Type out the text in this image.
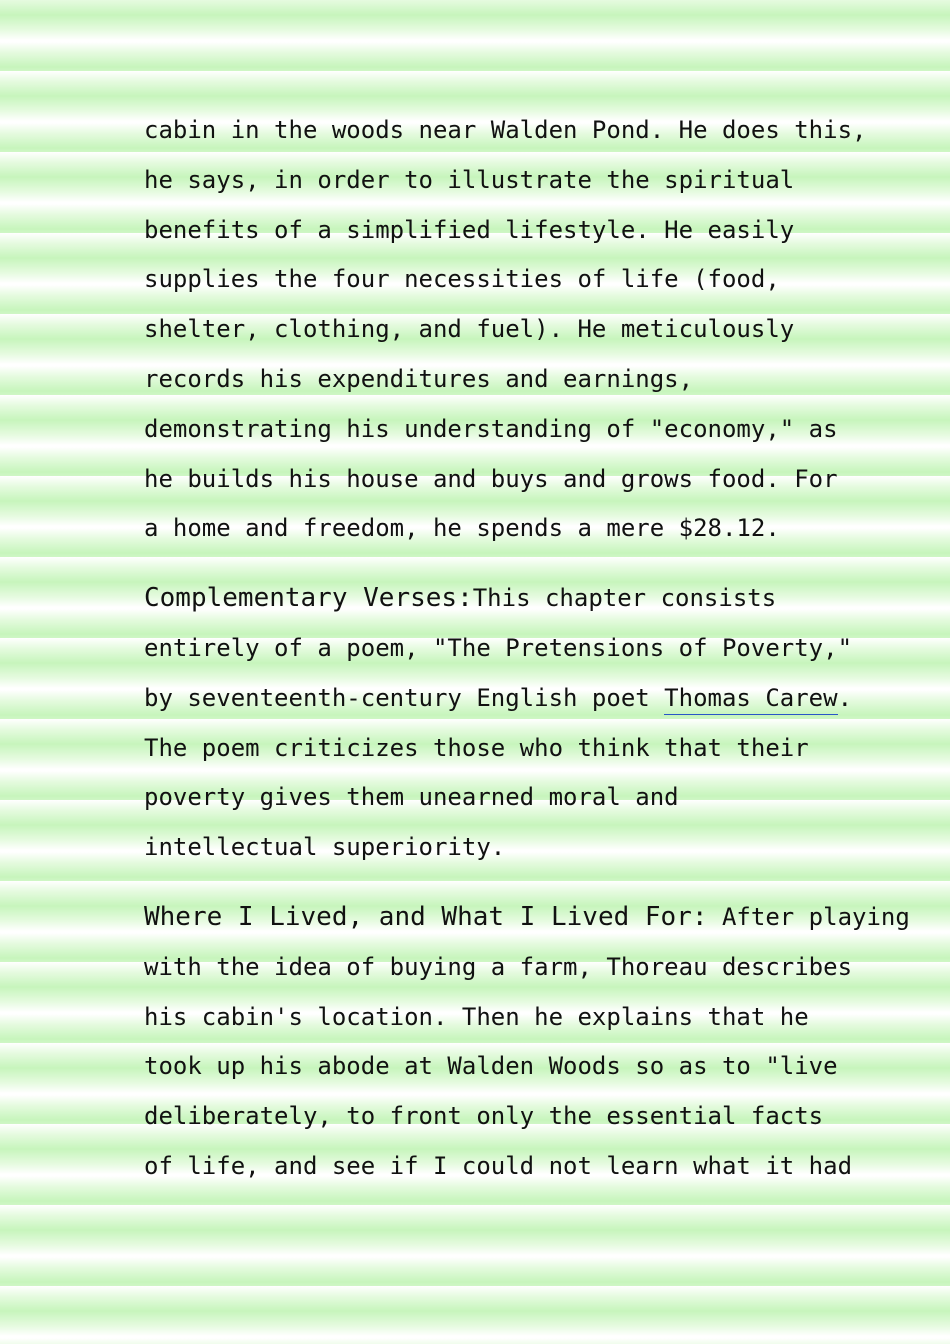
cabin in the woods near Walden Pond. He does this,
he says, in order to illustrate the spiritual
benefits of a simplified lifestyle. He easily
supplies the four necessities of life (food,
shelter, clothing, and fuel). He meticulously
records his expenditures and earnings,
demonstrating his understanding of "economy," as
he builds his house and buys and grows food. For
a home and freedom, he spends a mere $28.12.

Complementary Verses:This chapter consists
entirely of a poem, "The Pretensions of Poverty,"
by seventeenth-century English poet Thomas Carew.
The poem criticizes those who think that their
poverty gives them unearned moral and
intellectual superiority.

Where I Lived, and What I Lived For: After playing
with the idea of buying a farm, Thoreau describes
his cabin's location. Then he explains that he
took up his abode at Walden Woods so as to "live
deliberately, to front only the essential facts
of life, and see if I could not learn what it had
